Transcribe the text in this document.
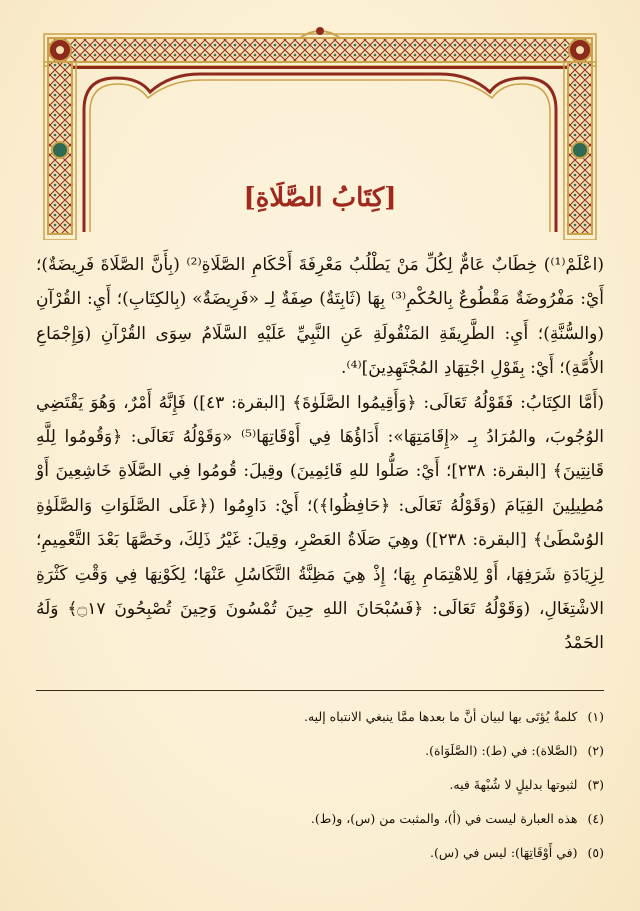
[كِتَابُ الصَّلَاةِ]

(اعْلَمْ⁽¹⁾) خِطَابٌ عَامٌّ لِكُلِّ مَنْ يَطْلُبُ مَعْرِفَةَ أَحْكَامِ الصَّلَاةِ⁽²⁾ (بِأَنَّ الصَّلَاةَ فَرِيضَةٌ)؛ أَيْ: مَفْرُوضَةٌ مَقْطُوعٌ بِالحُكْمِ⁽³⁾ بِهَا (ثَابِتَةٌ) صِفَةٌ لِـ «فَرِيضَةٌ» (بِالكِتَابِ)؛ أَيِ: القُرْآنِ (والسُّنَّةِ)؛ أَيِ: الطَّرِيقَةِ المَنْقُولَةِ عَنِ النَّبِيِّ عَلَيْهِ السَّلَامُ سِوَى القُرْآنِ (وَإِجْمَاعِ الأُمَّةِ)؛ أَيْ: بِقَوْلِ اجْتِهَادِ المُجْتَهِدِينَ]⁽⁴⁾.

(أَمَّا الكِتَابُ: فَقَوْلُهُ تَعَالَى: ﴿وَأَقِيمُوا الصَّلَوٰةَ﴾ [البقرة: ٤٣]) فَإِنَّهُ أَمْرٌ، وَهُوَ يَقْتَضِي الوُجُوبَ، والمُرَادُ بِـ «إِقَامَتِهَا»: أَدَاؤُهَا فِي أَوْقَاتِهَا⁽⁵⁾ «وَقَوْلُهُ تَعَالَى: ﴿وَقُومُوا لِلَّهِ قَانِتِينَ﴾ [البقرة: ٢٣٨]؛ أَيْ: صَلُّوا للهِ قَائِمِينَ) وقِيلَ: قُومُوا فِي الصَّلَاةِ خَاشِعِينَ أَوْ مُطِيلِينَ القِيَامَ (وَقَوْلُهُ تَعَالَى: ﴿حَافِظُوا﴾)؛ أَيْ: دَاوِمُوا (﴿عَلَى الصَّلَوَاتِ وَالصَّلَوٰةِ الوُسْطَىٰ﴾ [البقرة: ٢٣٨]) وهِيَ صَلَاةُ العَصْرِ، وقِيلَ: غَيْرُ ذَلِكَ، وخَصَّهَا بَعْدَ التَّعْمِيمِ؛ لِزِيَادَةِ شَرَفِهَا، أَوْ لِلاهْتِمَامِ بِهَا؛ إِذْ هِيَ مَظِنَّةُ التَّكَاسُلِ عَنْهَا؛ لِكَوْنِهَا فِي وَقْتِ كَثْرَةِ الاشْتِغَالِ، (وَقَوْلُهُ تَعَالَى: ﴿فَسُبْحَانَ اللهِ حِينَ تُمْسُونَ وَحِينَ تُصْبِحُونَ ۝١٧﴾ وَلَهُ الحَمْدُ

(١)
كلمةٌ يُؤتَى بها لبيان أنَّ ما بعدها ممَّا ينبغي الانتباه إليه.
(٢)
(الصَّلاة): في (ط): (الصَّلَوَاة).
(٣)
لثبوتها بدليلٍ لا شُبْهةَ فيه.
(٤)
هذه العبارة ليست في (أ)، والمثبت من (س)، و(ط).
(٥)
(في أَوْقَاتِهَا): ليس في (س).
